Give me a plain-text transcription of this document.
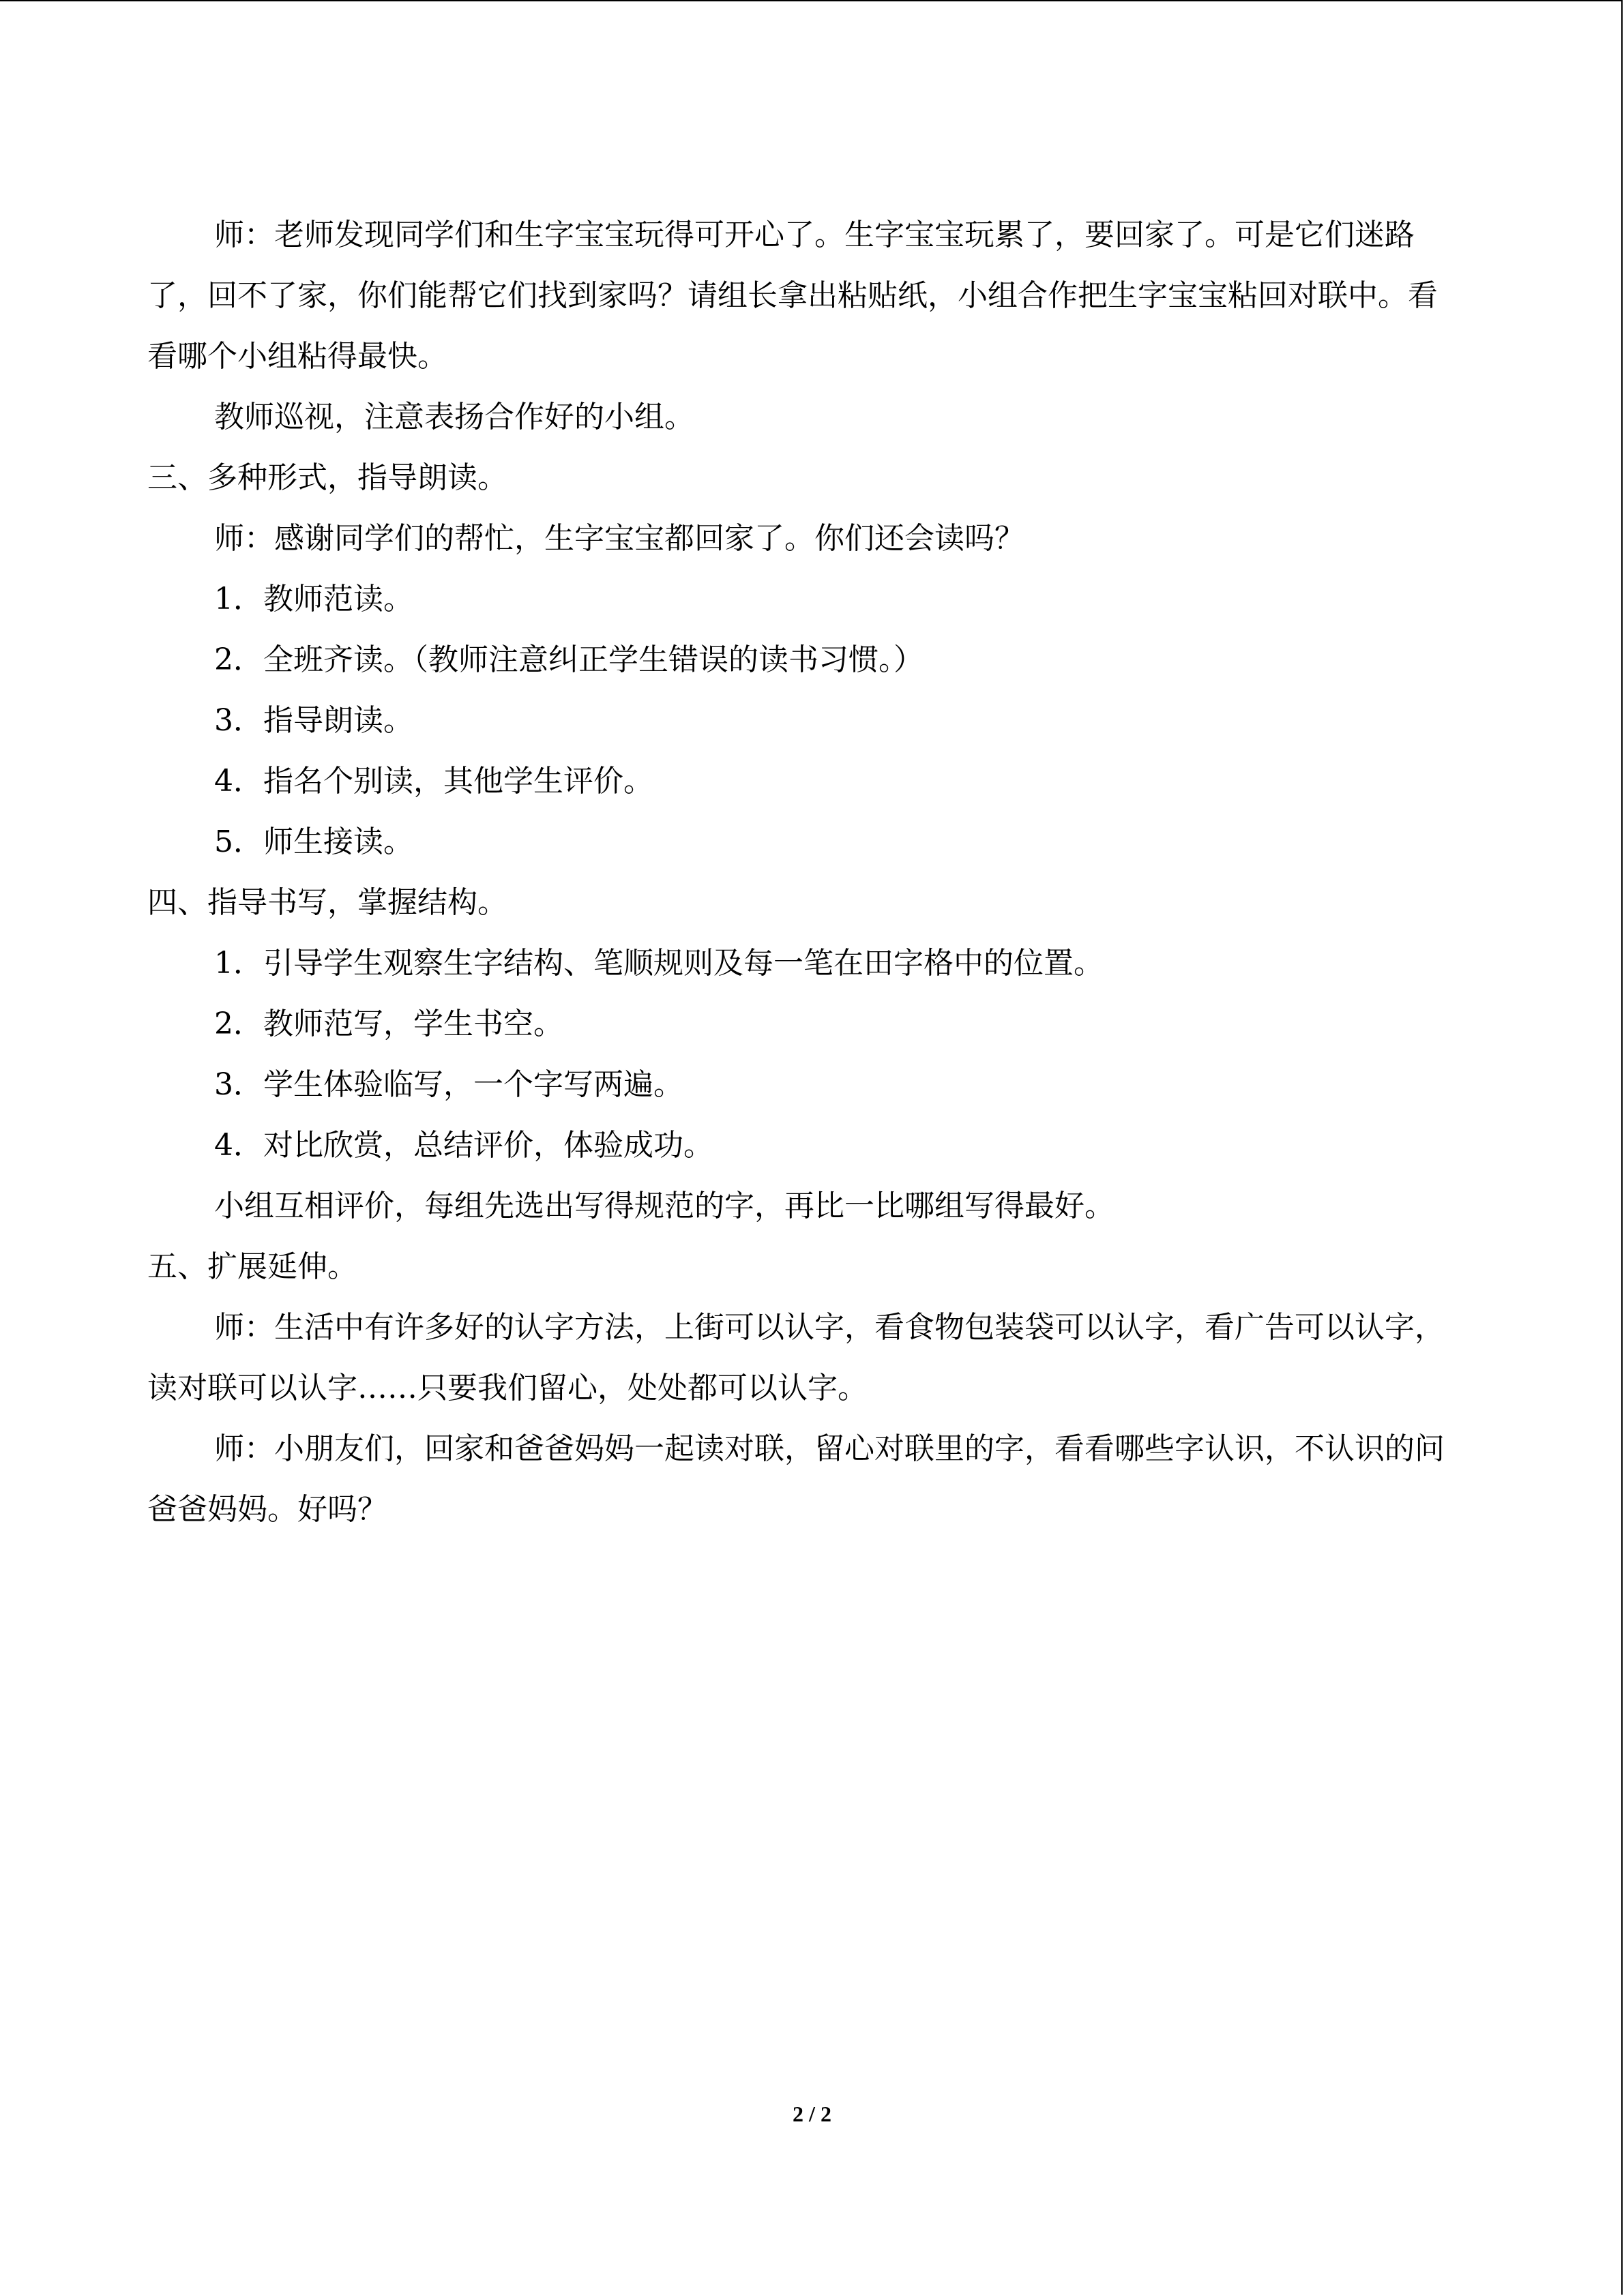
师：老师发现同学们和生字宝宝玩得可开心了。生字宝宝玩累了，要回家了。可是它们迷路了，回不了家，你们能帮它们找到家吗？请组长拿出粘贴纸，小组合作把生字宝宝粘回对联中。看看哪个小组粘得最快。

教师巡视，注意表扬合作好的小组。

三、多种形式，指导朗读。

师：感谢同学们的帮忙，生字宝宝都回家了。你们还会读吗？

1．教师范读。

2．全班齐读。（教师注意纠正学生错误的读书习惯。）

3．指导朗读。

4．指名个别读，其他学生评价。

5．师生接读。

四、指导书写，掌握结构。

1．引导学生观察生字结构、笔顺规则及每一笔在田字格中的位置。

2．教师范写，学生书空。

3．学生体验临写，一个字写两遍。

4．对比欣赏，总结评价，体验成功。

小组互相评价，每组先选出写得规范的字，再比一比哪组写得最好。

五、扩展延伸。

师：生活中有许多好的认字方法，上街可以认字，看食物包装袋可以认字，看广告可以认字，读对联可以认字……只要我们留心，处处都可以认字。

师：小朋友们，回家和爸爸妈妈一起读对联，留心对联里的字，看看哪些字认识，不认识的问爸爸妈妈。好吗？

2 / 2
